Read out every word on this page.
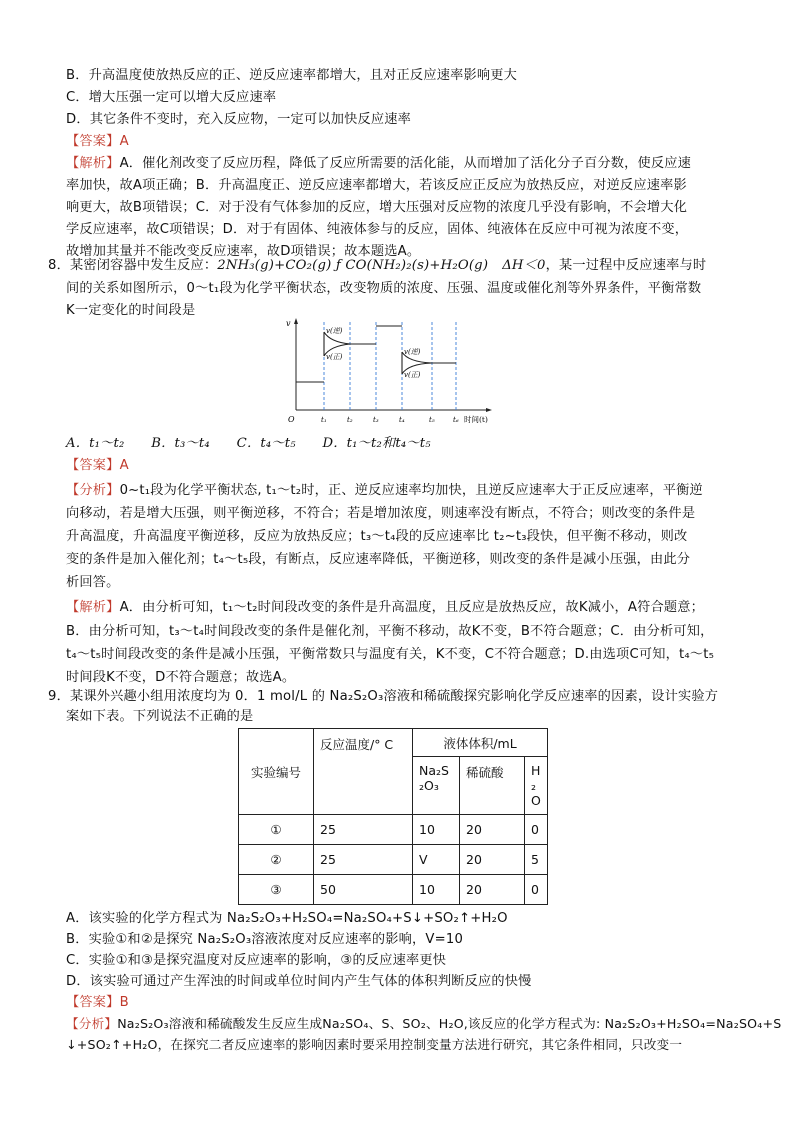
B．升高温度使放热反应的正、逆反应速率都增大，且对正反应速率影响更大
C．增大压强一定可以增大反应速率
D．其它条件不变时，充入反应物，一定可以加快反应速率
【答案】A
【解析】A．催化剂改变了反应历程，降低了反应所需要的活化能，从而增加了活化分子百分数，使反应速
率加快，故A项正确；B．升高温度正、逆反应速率都增大，若该反应正反应为放热反应，对逆反应速率影
响更大，故B项错误；C．对于没有气体参加的反应，增大压强对反应物的浓度几乎没有影响，不会增大化
学反应速率，故C项错误；D．对于有固体、纯液体参与的反应，固体、纯液体在反应中可视为浓度不变，
故增加其量并不能改变反应速率，故D项错误；故本题选A。
8．某密闭容器中发生反应：2NH₃(g)+CO₂(g) ƒ CO(NH₂)₂(s)+H₂O(g) ΔH＜0，某一过程中反应速率与时
间的关系如图所示，0～t₁段为化学平衡状态，改变物质的浓度、压强、温度或催化剂等外界条件，平衡常数
K一定变化的时间段是
v
O	时间(t)
t₁	t₂	t₃	t₄	t₅	t₆
v(逆)
v(正)
v(逆)
v(正)
A．t₁～t₂　　B．t₃～t₄　　C．t₄～t₅　　D．t₁～t₂和t₄～t₅
【答案】A
【分析】0~t₁段为化学平衡状态, t₁～t₂时，正、逆反应速率均加快，且逆反应速率大于正反应速率，平衡逆
向移动，若是增大压强，则平衡逆移，不符合；若是增加浓度，则速率没有断点，不符合；则改变的条件是
升高温度，升高温度平衡逆移，反应为放热反应；t₃～t₄段的反应速率比 t₂~t₃段快，但平衡不移动，则改
变的条件是加入催化剂；t₄～t₅段，有断点，反应速率降低，平衡逆移，则改变的条件是减小压强，由此分
析回答。
【解析】A．由分析可知，t₁～t₂时间段改变的条件是升高温度，且反应是放热反应，故K减小，A符合题意；
B．由分析可知，t₃～t₄时间段改变的条件是催化剂，平衡不移动，故K不变，B不符合题意；C．由分析可知，
t₄～t₅时间段改变的条件是减小压强，平衡常数只与温度有关，K不变，C不符合题意；D.由选项C可知，t₄～t₅
时间段K不变，D不符合题意；故选A。
9．某课外兴趣小组用浓度均为 0．1 mol/L 的 Na₂S₂O₃溶液和稀硫酸探究影响化学反应速率的因素，设计实验方
案如下表。下列说法不正确的是
实验编号	反应温度/° C	液体体积/mL		
		Na₂S₂O₃	稀硫酸	H₂O
①	25	10	20	0
②	25	V	20	5
③	50	10	20	0
A．该实验的化学方程式为 Na₂S₂O₃+H₂SO₄=Na₂SO₄+S↓+SO₂↑+H₂O
B．实验①和②是探究 Na₂S₂O₃溶液浓度对反应速率的影响，V=10
C．实验①和③是探究温度对反应速率的影响，③的反应速率更快
D．该实验可通过产生浑浊的时间或单位时间内产生气体的体积判断反应的快慢
【答案】B
【分析】Na₂S₂O₃溶液和稀硫酸发生反应生成Na₂SO₄、S、SO₂、H₂O,该反应的化学方程式为: Na₂S₂O₃+H₂SO₄=Na₂SO₄+S
↓+SO₂↑+H₂O，在探究二者反应速率的影响因素时要采用控制变量方法进行研究，其它条件相同，只改变一
